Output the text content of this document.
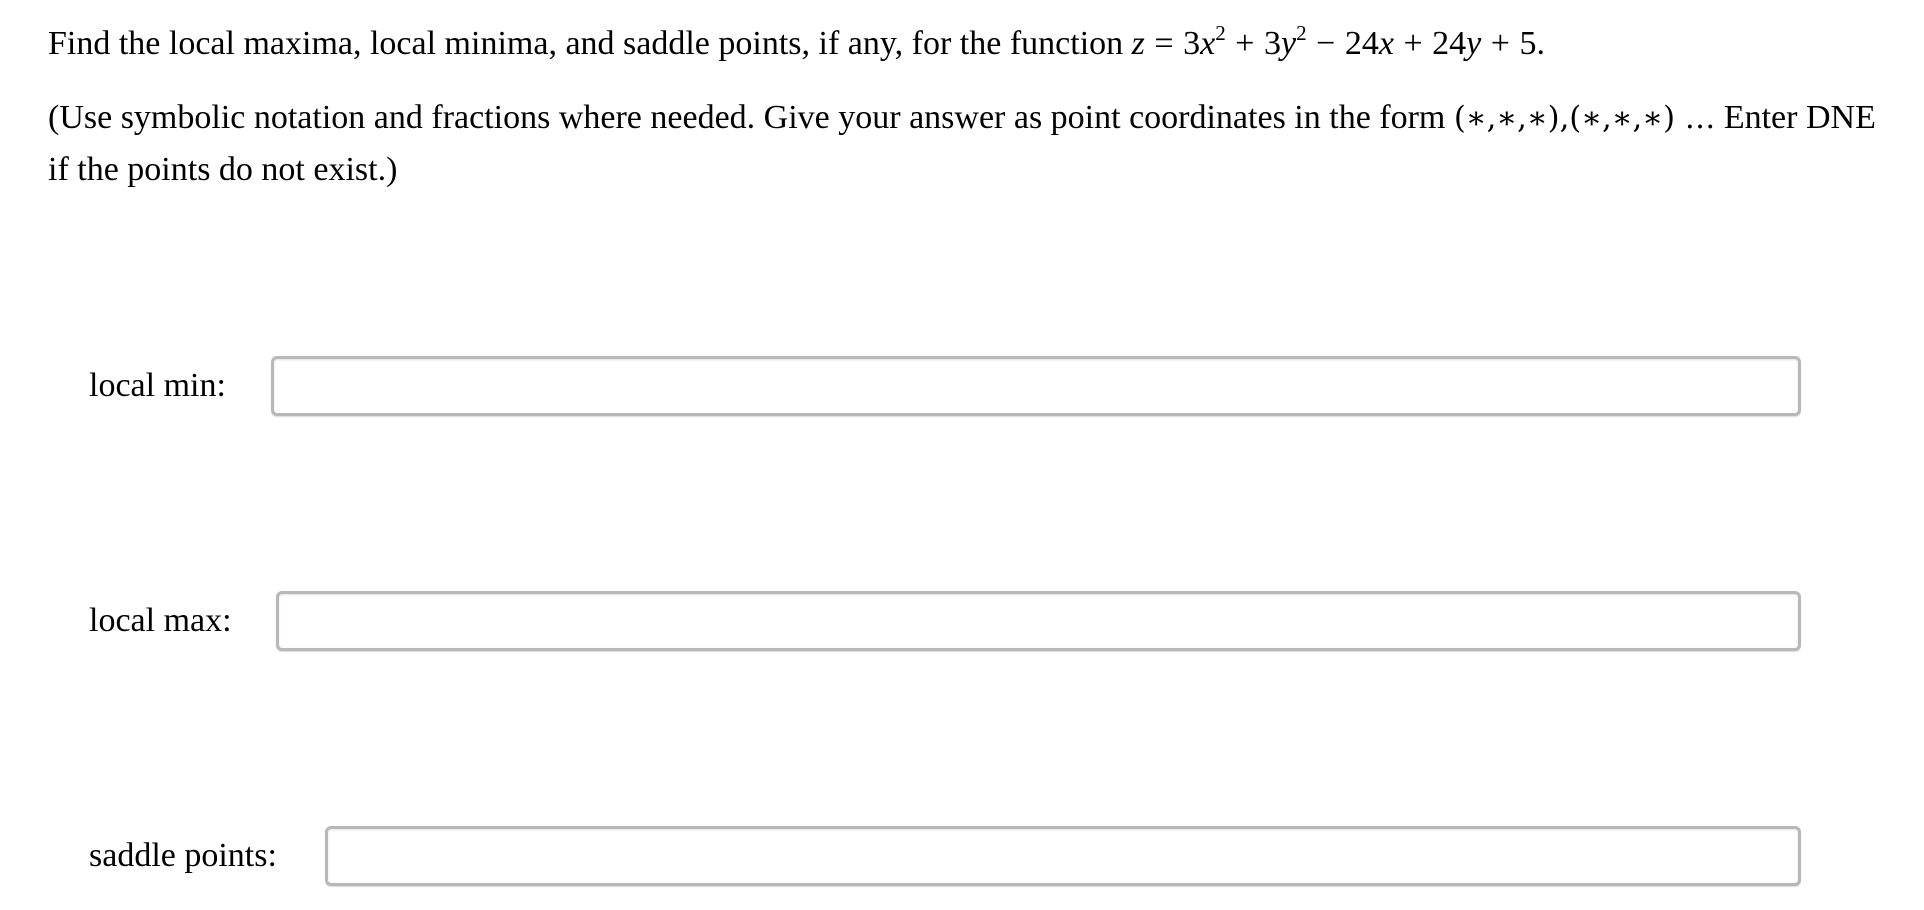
Find the local maxima, local minima, and saddle points, if any, for the function $z = 3x^2 + 3y^2 - 24x + 24y + 5$.

(Use symbolic notation and fractions where needed. Give your answer as point coordinates in the form (∗,∗,∗),(∗,∗,∗) … Enter DNE if the points do not exist.)

local min:
local max:
saddle points:
